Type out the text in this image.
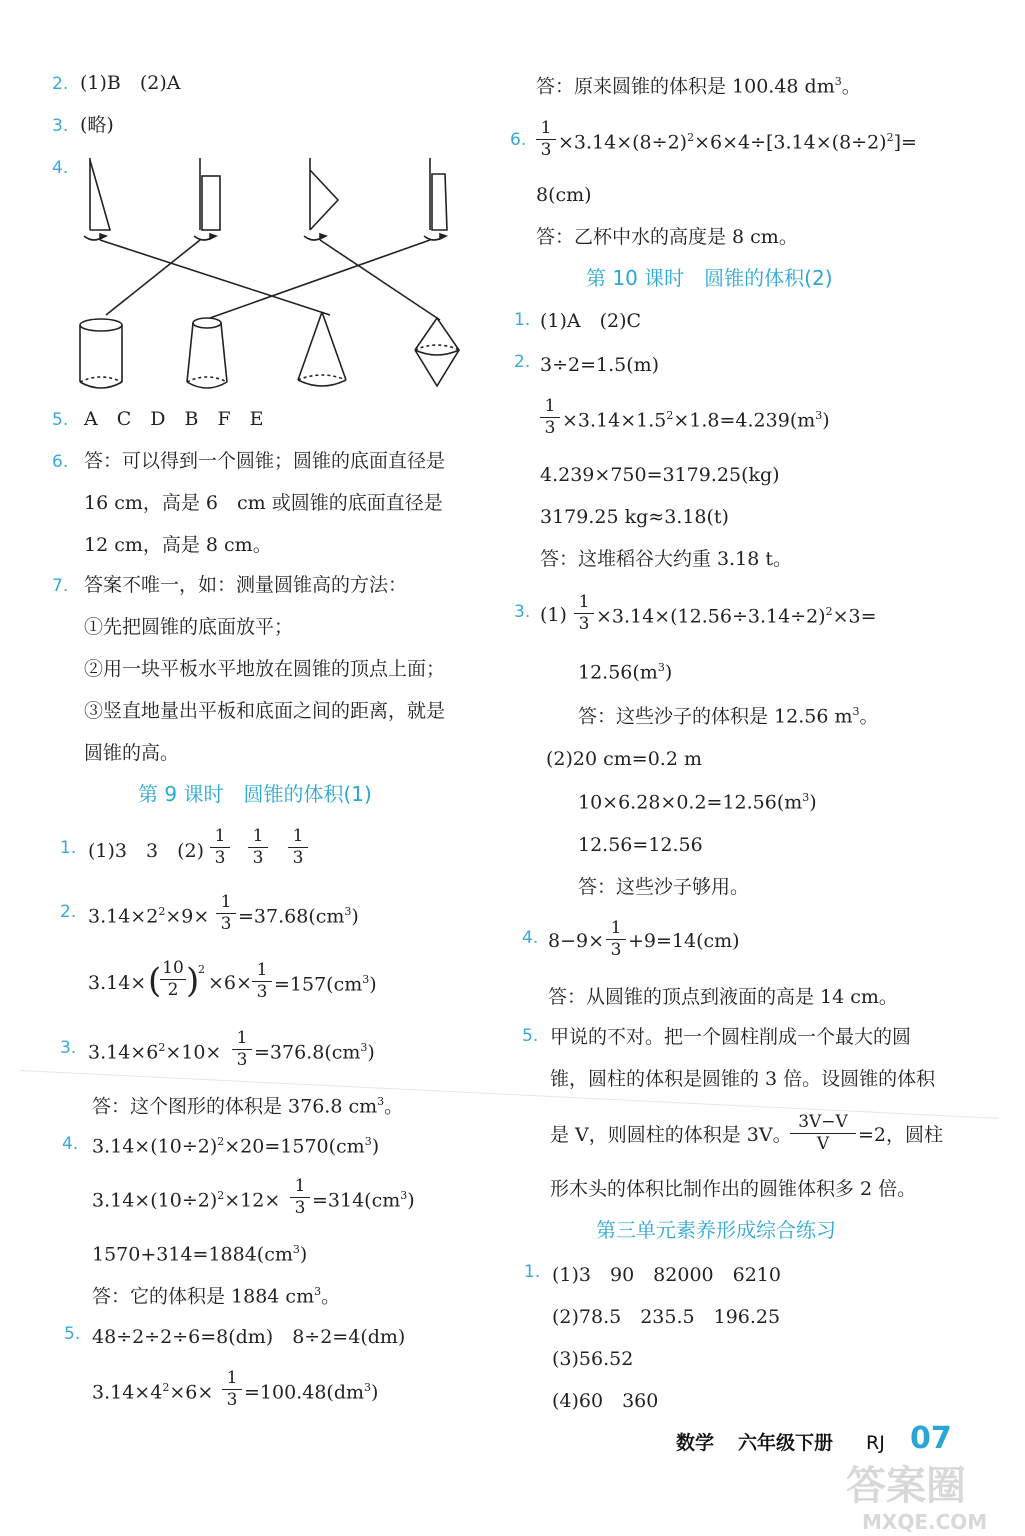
2. (1)B　(2)A
3. (略)
4.
5. A　C　D　B　F　E
6. 答：可以得到一个圆锥；圆锥的底面直径是
16 cm，高是 6　cm 或圆锥的底面直径是
12 cm，高是 8 cm。
7. 答案不唯一，如：测量圆锥高的方法：
①先把圆锥的底面放平；
②用一块平板水平地放在圆锥的顶点上面；
③竖直地量出平板和底面之间的距离，就是
圆锥的高。
第 9 课时　圆锥的体积(1)
1. (1)3　3　(2)
1
3
1
3
1
3
2. $3.14\times 2^2\times 9\times$
1
$3 =37.68(cm^3)$
3.14× ( 10
2 )
$^2$
×6×
1
$3 =157(cm^3)$
3. $3.14\times 6^2\times 10\times$
1
$3 =376.8(cm^3)$
答：这个图形的体积是 376.8 $cm^3$。
4. $3.14\times(10\div 2)^2\times 20=1570(cm^3)$
$3.14\times(10\div 2)^2\times 12\times$
1
$3 =314(cm^3)$
$1570+314=1884(cm^3)$
答：它的体积是 1884 $cm^3$。
5. 48÷2÷2÷6=8(dm)　8÷2=4(dm)
$3.14\times 4^2\times 6\times$
1
$3 =100.48(dm^3)$
答：原来圆锥的体积是 100.48 $dm^3$。
6.
1
$3 \times 3.14\times(8\div 2)^2\times 6\times 4\div[3.14\times(8\div 2)^2]=$
8(cm)
答：乙杯中水的高度是 8 cm。
第 10 课时　圆锥的体积(2)
1. (1)A　(2)C
2. 3÷2=1.5(m)
1
$3 \times 3.14\times 1.5^2\times 1.8=4.239(m^3)$
4.239×750=3179.25(kg)
3179.25 kg≈3.18(t)
答：这堆稻谷大约重 3.18 t。
3. (1)
1
$3 \times 3.14\times(12.56\div 3.14\div 2)^2\times 3=$
$12.56(m^3)$
答：这些沙子的体积是 12.56 $m^3$。
(2)20 cm=0.2 m
$10\times 6.28\times 0.2=12.56(m^3)$
12.56=12.56
答：这些沙子够用。
4. 8−9×
1
3 +9=14(cm)
答：从圆锥的顶点到液面的高是 14 cm。
5. 甲说的不对。把一个圆柱削成一个最大的圆
锥，圆柱的体积是圆锥的 3 倍。设圆锥的体积
是 V，则圆柱的体积是 3V。
3V−V
V	=2，圆柱
形木头的体积比制作出的圆锥体积多 2 倍。
第三单元素养形成综合练习
1. (1)3　90　82000　6210
(2)78.5　235.5　196.25
(3)56.52
(4)60　360
数学 六年级下册 RJ 07
答案圈
MXQE.COM
